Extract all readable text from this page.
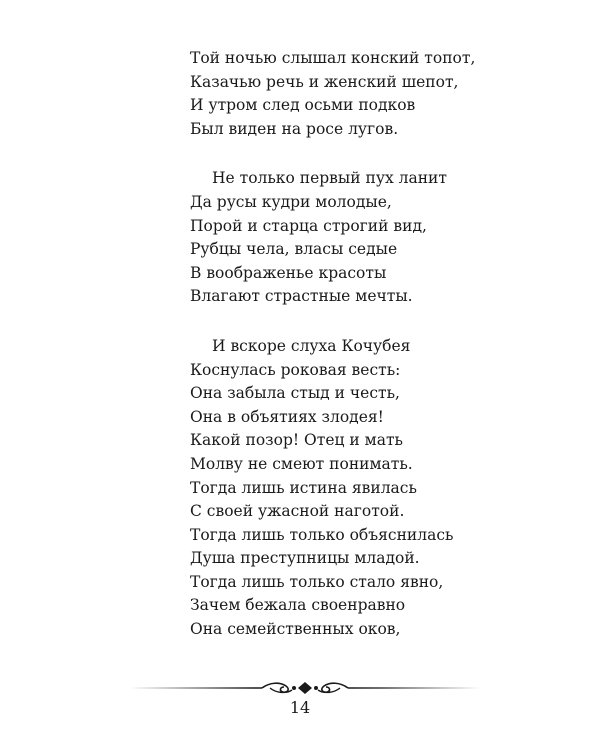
Той ночью слышал конский топот,
Казачью речь и женский шепот,
И утром след осьми подков
Был виден на росе лугов.
Не только первый пух ланит
Да русы кудри молодые,
Порой и старца строгий вид,
Рубцы чела, власы седые
В воображенье красоты
Влагают страстные мечты.
И вскоре слуха Кочубея
Коснулась роковая весть:
Она забыла стыд и честь,
Она в объятиях злодея!
Какой позор! Отец и мать
Молву не смеют понимать.
Тогда лишь истина явилась
С своей ужасной наготой.
Тогда лишь только объяснилась
Душа преступницы младой.
Тогда лишь только стало явно,
Зачем бежала своенравно
Она семейственных оков,
14
